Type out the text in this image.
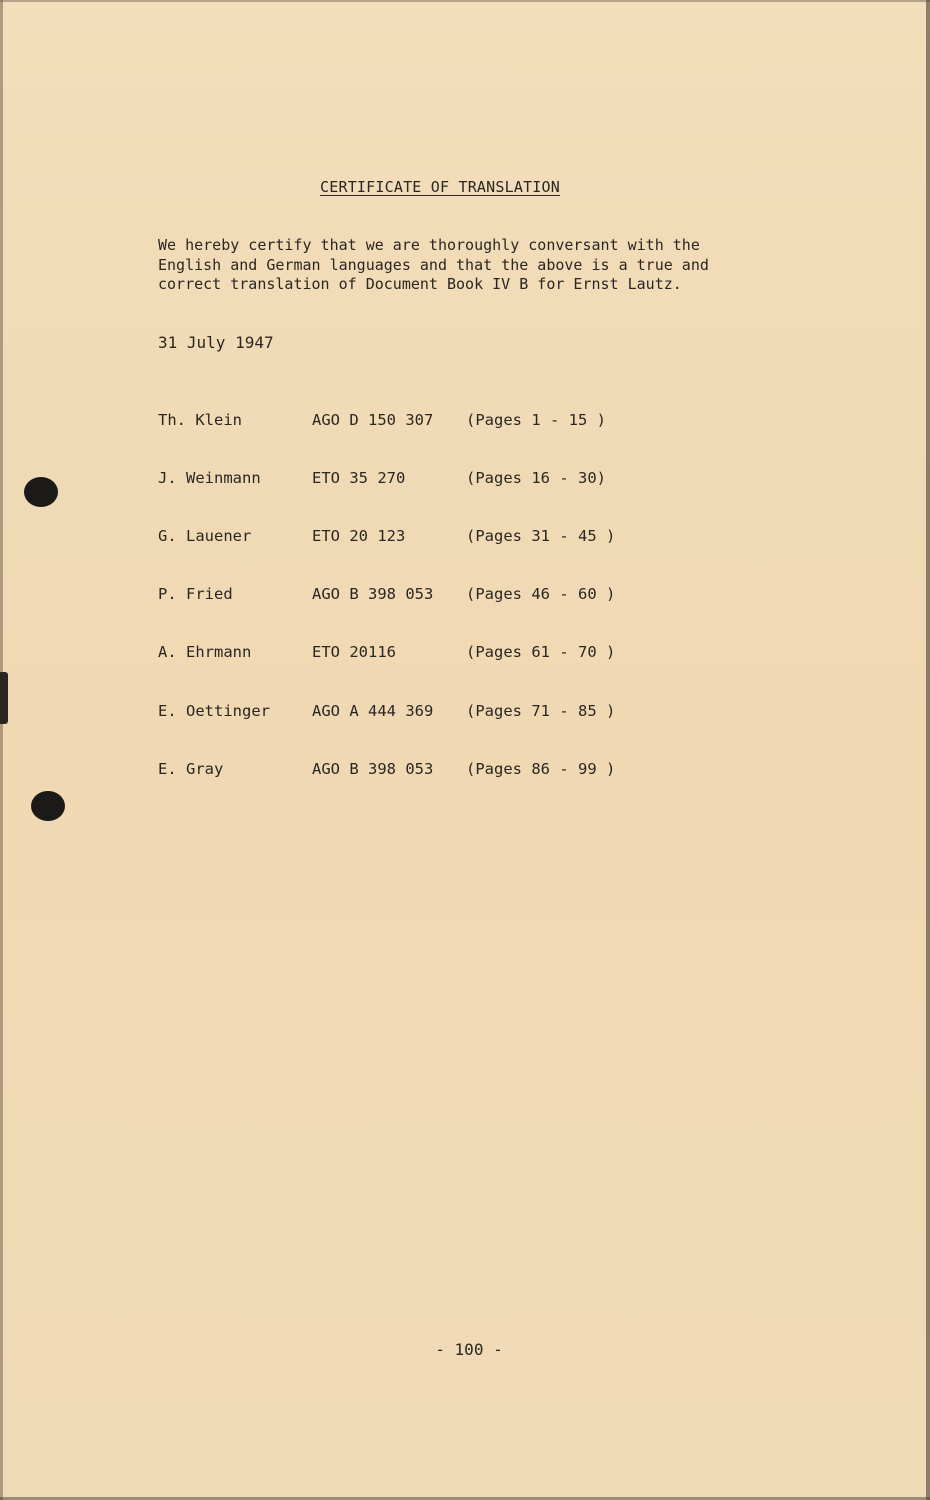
CERTIFICATE OF TRANSLATION
We hereby certify that we are thoroughly conversant with the
English and German languages and that the above is a true and
correct translation of Document Book IV B for Ernst Lautz.
31 July 1947
Th. Klein	AGO D 150 307 (Pages 1 - 15 )
J. Weinmann	ETO 35 270	(Pages 16 - 30)
G. Lauener	ETO 20 123	(Pages 31 - 45 )
P. Fried	AGO B 398 053 (Pages 46 - 60 )
A. Ehrmann	ETO 20116	(Pages 61 - 70 )
E. Oettinger	AGO A 444 369 (Pages 71 - 85 )
E. Gray	AGO B 398 053 (Pages 86 - 99 )
- 100 -
